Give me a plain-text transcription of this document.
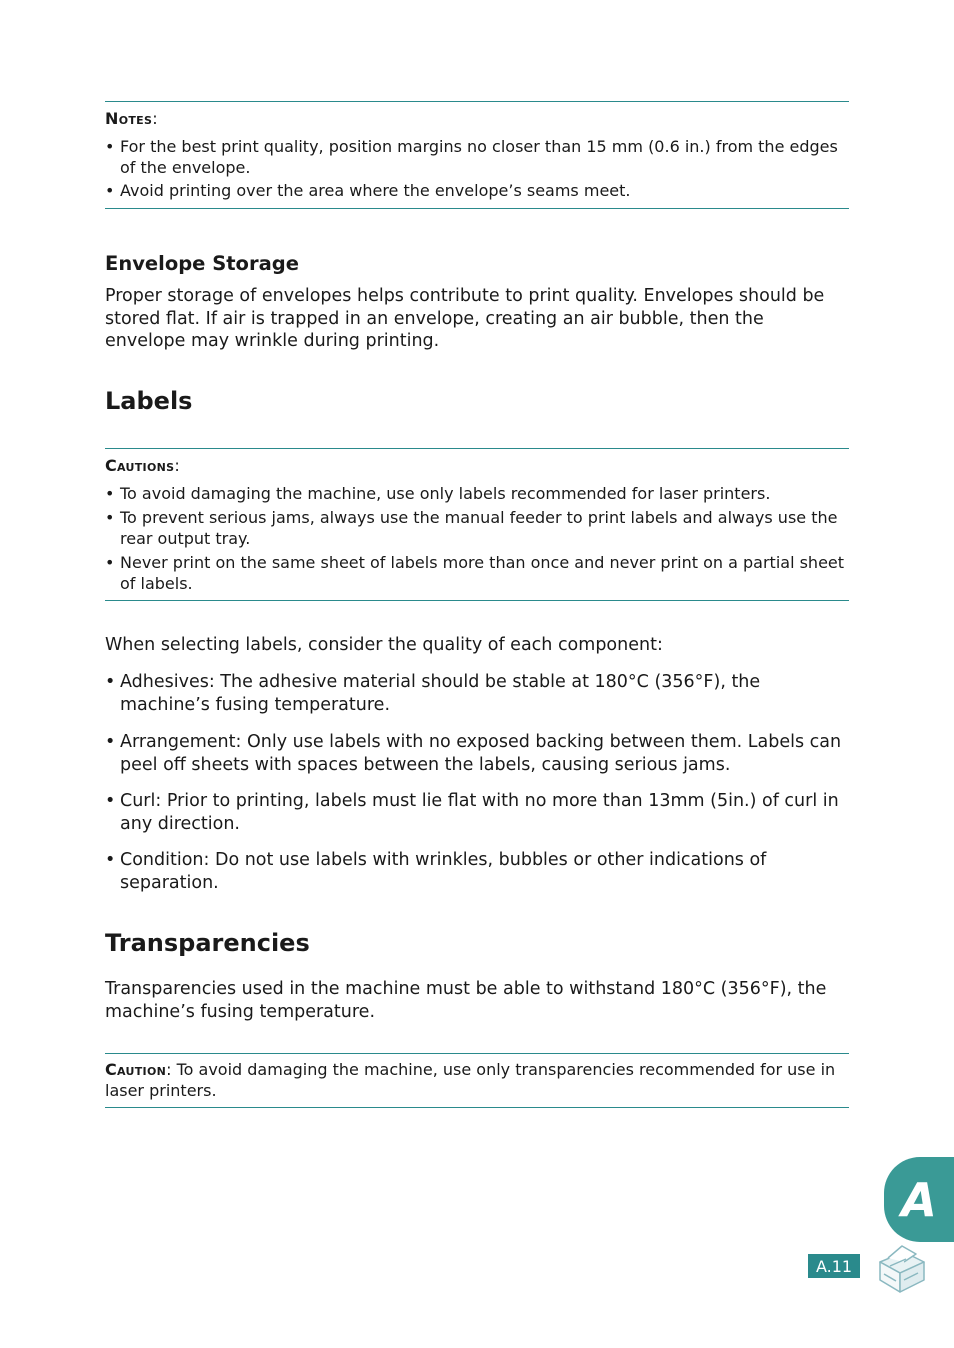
Notes:
• For the best print quality, position margins no closer than 15 mm (0.6 in.) from the edges of the envelope.
• Avoid printing over the area where the envelope’s seams meet.
Envelope Storage
Proper storage of envelopes helps contribute to print quality. Envelopes should be stored flat. If air is trapped in an envelope, creating an air bubble, then the envelope may wrinkle during printing.
Labels
Cautions:
• To avoid damaging the machine, use only labels recommended for laser printers.
• To prevent serious jams, always use the manual feeder to print labels and always use the rear output tray.
• Never print on the same sheet of labels more than once and never print on a partial sheet of labels.
When selecting labels, consider the quality of each component:
• Adhesives: The adhesive material should be stable at 180°C (356°F), the machine’s fusing temperature.
• Arrangement: Only use labels with no exposed backing between them. Labels can peel off sheets with spaces between the labels, causing serious jams.
• Curl: Prior to printing, labels must lie flat with no more than 13mm (5in.) of curl in any direction.
• Condition: Do not use labels with wrinkles, bubbles or other indications of separation.
Transparencies
Transparencies used in the machine must be able to withstand 180°C (356°F), the machine’s fusing temperature.
Caution: To avoid damaging the machine, use only transparencies recommended for use in laser printers.
A
A.11
